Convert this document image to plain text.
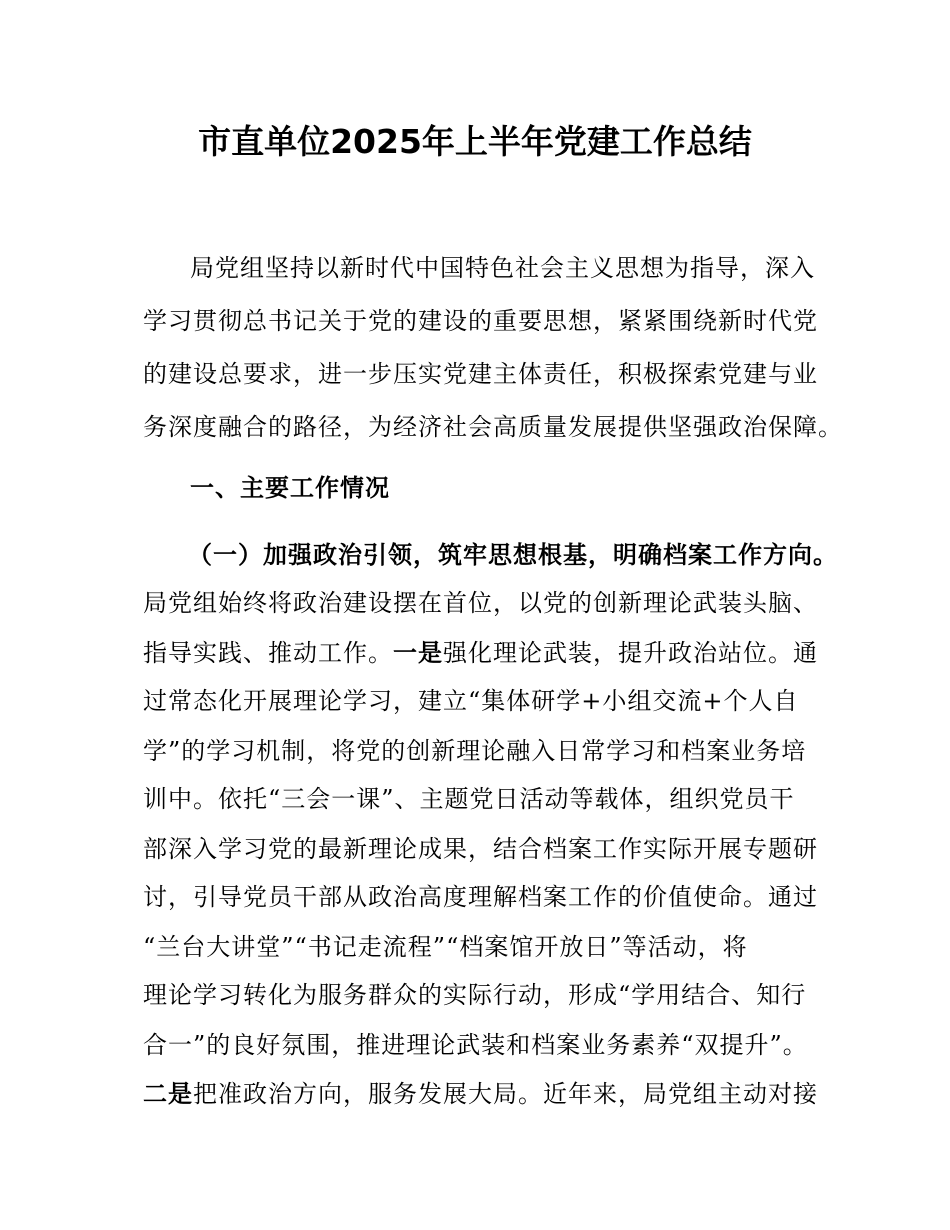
市直单位2025年上半年党建工作总结
局党组坚持以新时代中国特色社会主义思想为指导，深入
学习贯彻总书记关于党的建设的重要思想，紧紧围绕新时代党
的建设总要求，进一步压实党建主体责任，积极探索党建与业
务深度融合的路径，为经济社会高质量发展提供坚强政治保障。
一、主要工作情况
（一）加强政治引领，筑牢思想根基，明确档案工作方向。
局党组始终将政治建设摆在首位，以党的创新理论武装头脑、
指导实践、推动工作。一是强化理论武装，提升政治站位。通
过常态化开展理论学习，建立“集体研学+小组交流+个人自
学”的学习机制，将党的创新理论融入日常学习和档案业务培
训中。依托“三会一课”、主题党日活动等载体，组织党员干
部深入学习党的最新理论成果，结合档案工作实际开展专题研
讨，引导党员干部从政治高度理解档案工作的价值使命。通过
“兰台大讲堂”“书记走流程”“档案馆开放日”等活动，将
理论学习转化为服务群众的实际行动，形成“学用结合、知行
合一”的良好氛围，推进理论武装和档案业务素养“双提升”。
二是把准政治方向，服务发展大局。近年来，局党组主动对接
